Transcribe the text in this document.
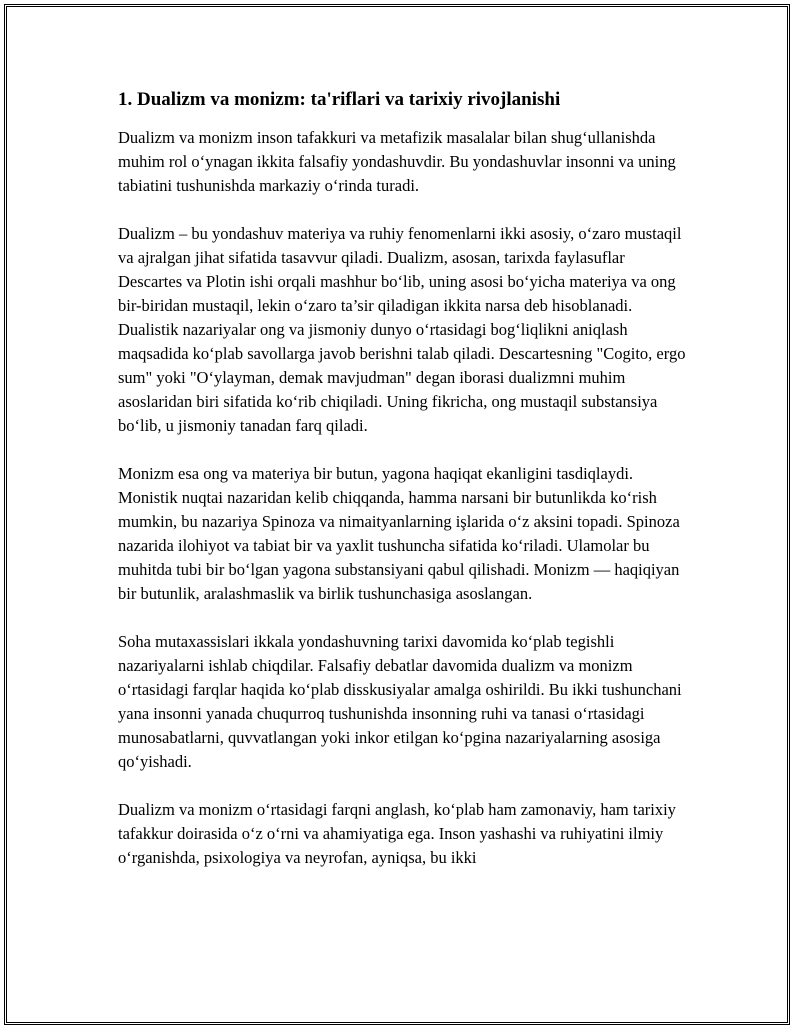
1. Dualizm va monizm: ta'riflari va tarixiy rivojlanishi

Dualizm va monizm inson tafakkuri va metafizik masalalar bilan shug‘ullanishda muhim rol o‘ynagan ikkita falsafiy yondashuvdir. Bu yondashuvlar insonni va uning tabiatini tushunishda markaziy o‘rinda turadi.

Dualizm – bu yondashuv materiya va ruhiy fenomenlarni ikki asosiy, o‘zaro mustaqil va ajralgan jihat sifatida tasavvur qiladi. Dualizm, asosan, tarixda faylasuflar Descartes va Plotin ishi orqali mashhur bo‘lib, uning asosi bo‘yicha materiya va ong bir-biridan mustaqil, lekin o‘zaro ta’sir qiladigan ikkita narsa deb hisoblanadi. Dualistik nazariyalar ong va jismoniy dunyo o‘rtasidagi bog‘liqlikni aniqlash maqsadida ko‘plab savollarga javob berishni talab qiladi. Descartesning "Cogito, ergo sum" yoki "O‘ylayman, demak mavjudman" degan iborasi dualizmni muhim asoslaridan biri sifatida ko‘rib chiqiladi. Uning fikricha, ong mustaqil substansiya bo‘lib, u jismoniy tanadan farq qiladi.

Monizm esa ong va materiya bir butun, yagona haqiqat ekanligini tasdiqlaydi. Monistik nuqtai nazaridan kelib chiqqanda, hamma narsani bir butunlikda ko‘rish mumkin, bu nazariya Spinoza va nimaityanlarning işlarida o‘z aksini topadi. Spinoza nazarida ilohiyot va tabiat bir va yaxlit tushuncha sifatida ko‘riladi. Ulamolar bu muhitda tubi bir bo‘lgan yagona substansiyani qabul qilishadi. Monizm — haqiqiyan bir butunlik, aralashmaslik va birlik tushunchasiga asoslangan.

Soha mutaxassislari ikkala yondashuvning tarixi davomida ko‘plab tegishli nazariyalarni ishlab chiqdilar. Falsafiy debatlar davomida dualizm va monizm o‘rtasidagi farqlar haqida ko‘plab disskusiyalar amalga oshirildi. Bu ikki tushunchani yana insonni yanada chuqurroq tushunishda insonning ruhi va tanasi o‘rtasidagi munosabatlarni, quvvatlangan yoki inkor etilgan ko‘pgina nazariyalarning asosiga qo‘yishadi.

Dualizm va monizm o‘rtasidagi farqni anglash, ko‘plab ham zamonaviy, ham tarixiy tafakkur doirasida o‘z o‘rni va ahamiyatiga ega. Inson yashashi va ruhiyatini ilmiy o‘rganishda, psixologiya va neyrofan, ayniqsa, bu ikki
